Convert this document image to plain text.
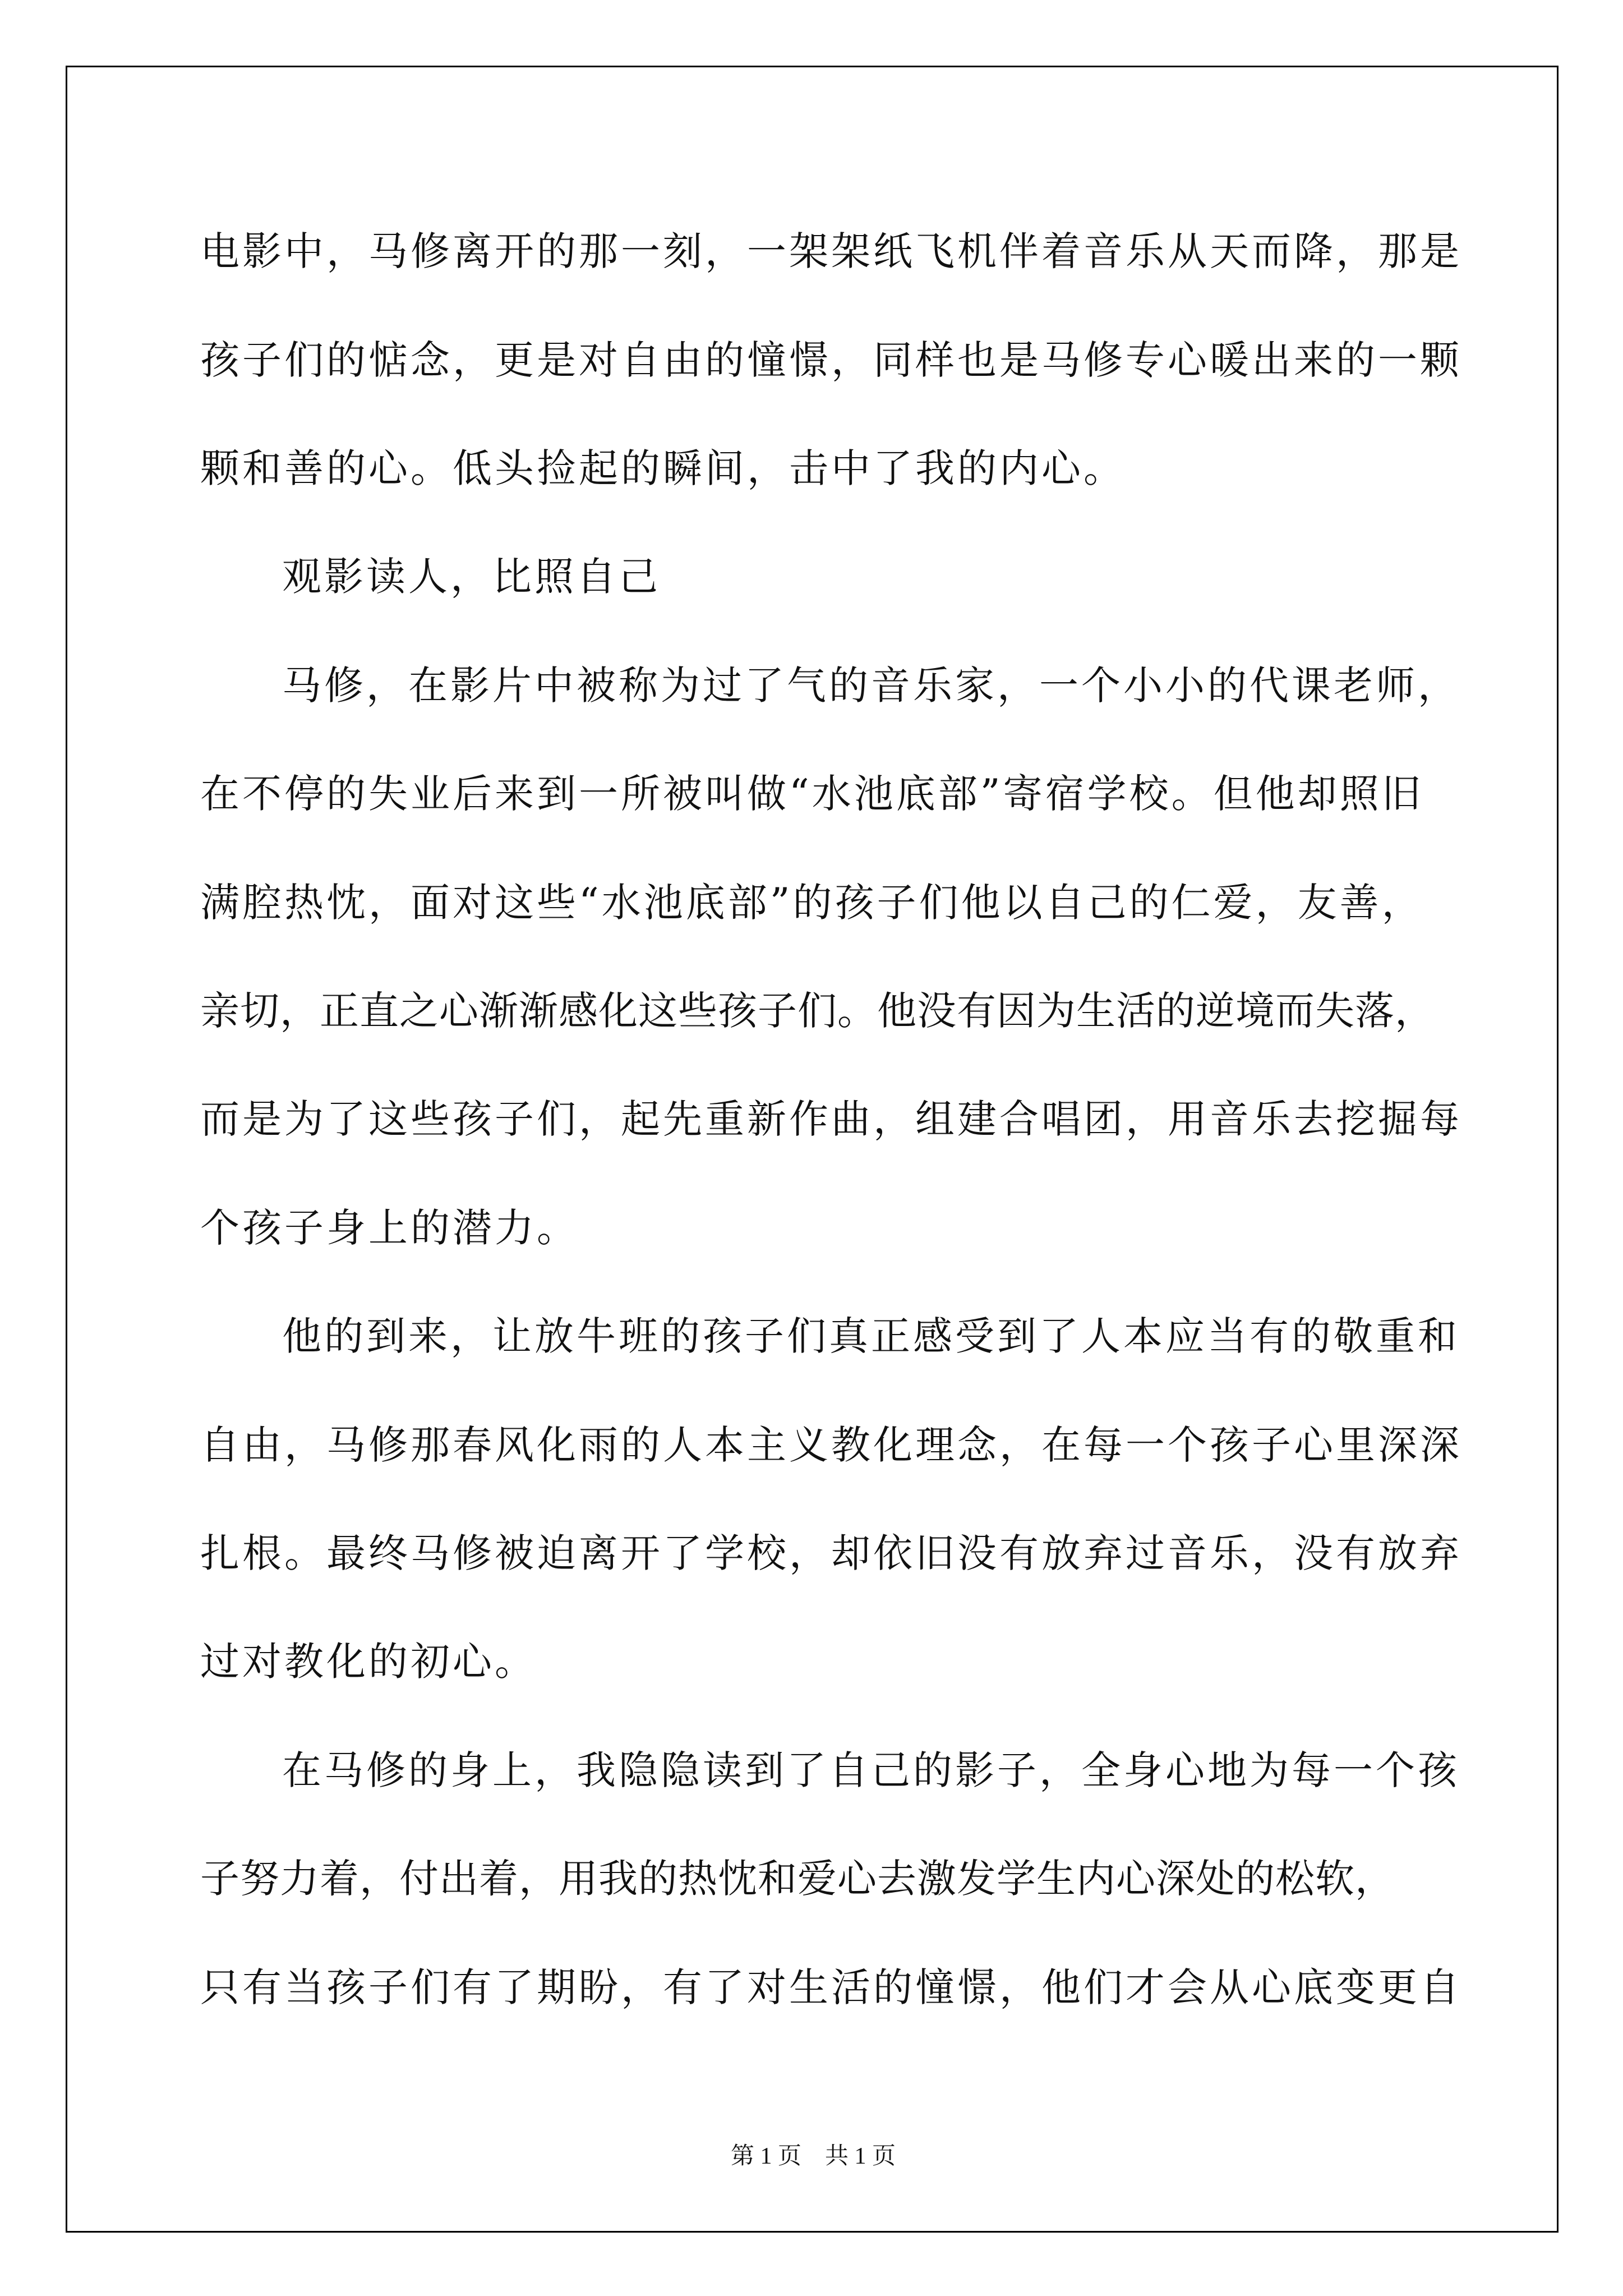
电影中，马修离开的那一刻，一架架纸飞机伴着音乐从天而降，那是

孩子们的惦念，更是对自由的憧憬，同样也是马修专心暖出来的一颗

颗和善的心。低头捡起的瞬间，击中了我的内心。

观影读人，比照自己

马修，在影片中被称为过了气的音乐家，一个小小的代课老师，

在不停的失业后来到一所被叫做“水池底部”寄宿学校。但他却照旧

满腔热忱，面对这些“水池底部”的孩子们他以自己的仁爱，友善，

亲切，正直之心渐渐感化这些孩子们。他没有因为生活的逆境而失落，

而是为了这些孩子们，起先重新作曲，组建合唱团，用音乐去挖掘每

个孩子身上的潜力。

他的到来，让放牛班的孩子们真正感受到了人本应当有的敬重和

自由，马修那春风化雨的人本主义教化理念，在每一个孩子心里深深

扎根。最终马修被迫离开了学校，却依旧没有放弃过音乐，没有放弃

过对教化的初心。

在马修的身上，我隐隐读到了自己的影子，全身心地为每一个孩

子努力着，付出着，用我的热忱和爱心去激发学生内心深处的松软，

只有当孩子们有了期盼，有了对生活的憧憬，他们才会从心底变更自

第 1 页　共 1 页
